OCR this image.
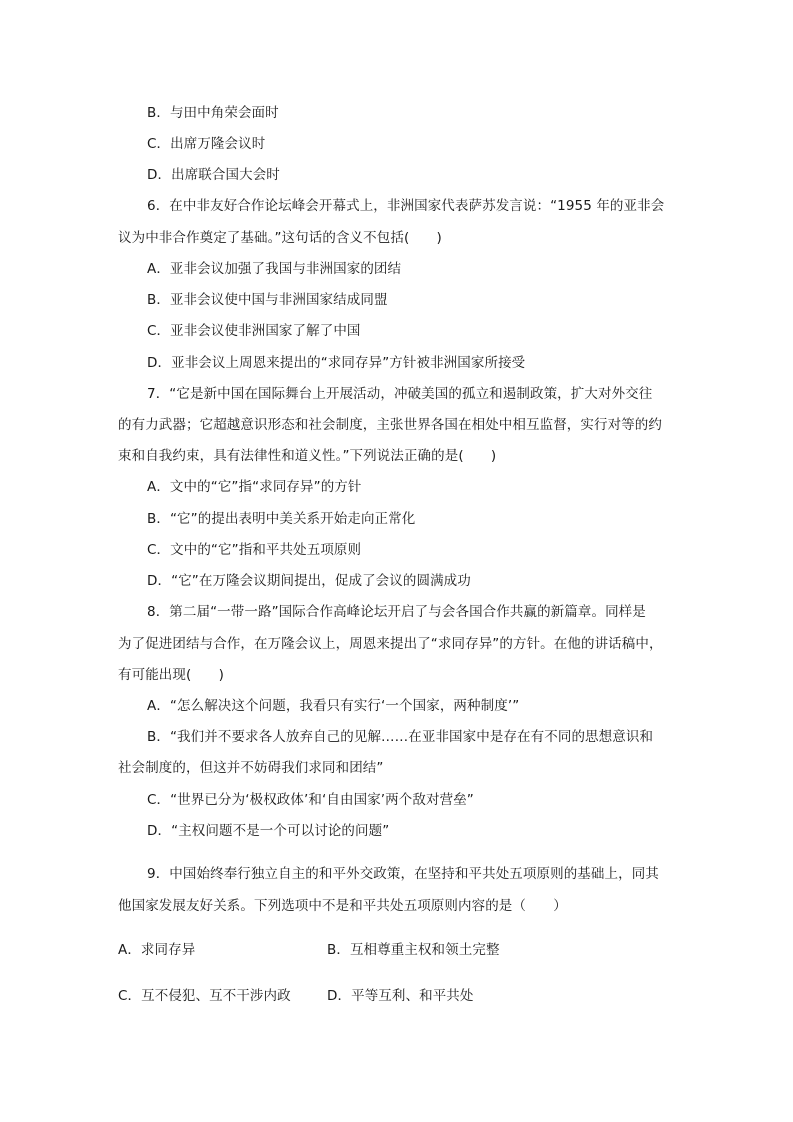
B．与田中角荣会面时
C．出席万隆会议时
D．出席联合国大会时
6．在中非友好合作论坛峰会开幕式上，非洲国家代表萨苏发言说：“1955 年的亚非会
议为中非合作奠定了基础。”这句话的含义不包括(　　)
A．亚非会议加强了我国与非洲国家的团结
B．亚非会议使中国与非洲国家结成同盟
C．亚非会议使非洲国家了解了中国
D．亚非会议上周恩来提出的“求同存异”方针被非洲国家所接受
7．“它是新中国在国际舞台上开展活动，冲破美国的孤立和遏制政策，扩大对外交往
的有力武器；它超越意识形态和社会制度，主张世界各国在相处中相互监督，实行对等的约
束和自我约束，具有法律性和道义性。”下列说法正确的是(　　)
A．文中的“它”指“求同存异”的方针
B．“它”的提出表明中美关系开始走向正常化
C．文中的“它”指和平共处五项原则
D．“它”在万隆会议期间提出，促成了会议的圆满成功
8．第二届“一带一路”国际合作高峰论坛开启了与会各国合作共赢的新篇章。同样是
为了促进团结与合作，在万隆会议上，周恩来提出了“求同存异”的方针。在他的讲话稿中，
有可能出现(　　)
A．“怎么解决这个问题，我看只有实行‘一个国家，两种制度’”
B．“我们并不要求各人放弃自己的见解……在亚非国家中是存在有不同的思想意识和
社会制度的，但这并不妨碍我们求同和团结”
C．“世界已分为‘极权政体’和‘自由国家’两个敌对营垒”
D．“主权问题不是一个可以讨论的问题”
9．中国始终奉行独立自主的和平外交政策，在坚持和平共处五项原则的基础上，同其
他国家发展友好关系。下列选项中不是和平共处五项原则内容的是（　　）
A．求同存异	B．互相尊重主权和领土完整
C．互不侵犯、互不干涉内政	D．平等互利、和平共处
